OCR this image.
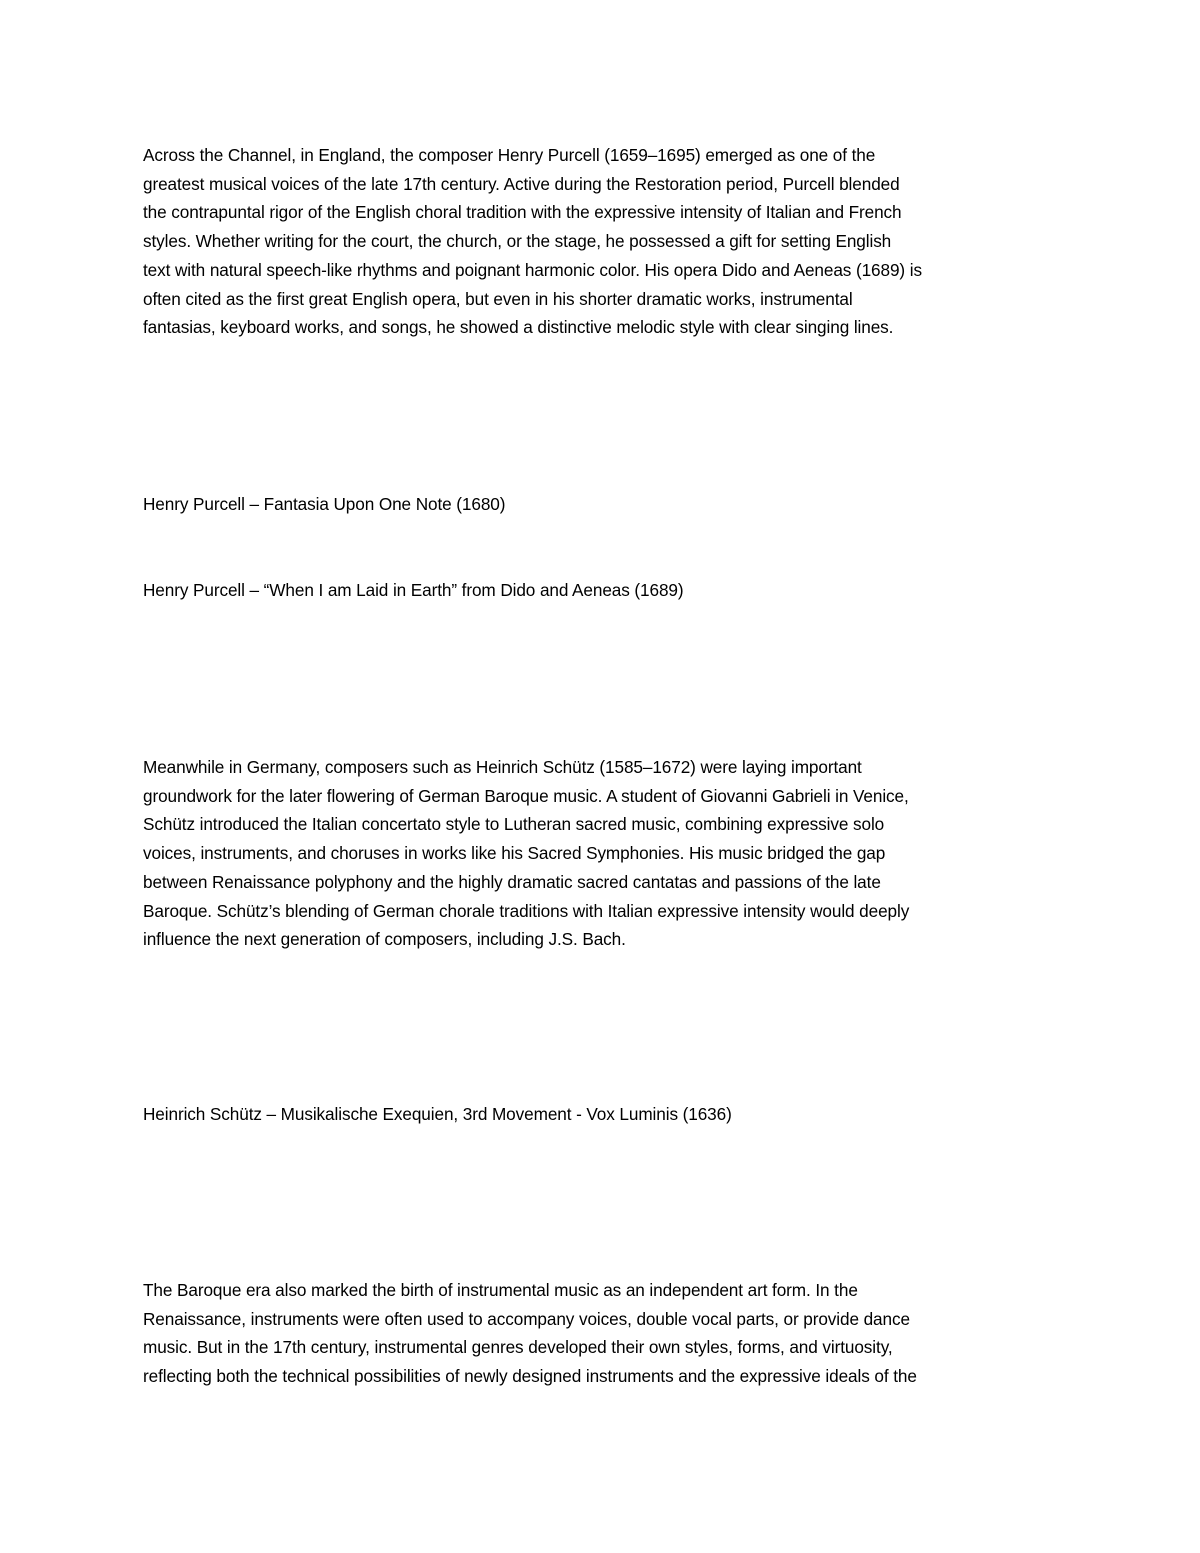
Across the Channel, in England, the composer Henry Purcell (1659–1695) emerged as one of the
greatest musical voices of the late 17th century. Active during the Restoration period, Purcell blended
the contrapuntal rigor of the English choral tradition with the expressive intensity of Italian and French
styles. Whether writing for the court, the church, or the stage, he possessed a gift for setting English
text with natural speech-like rhythms and poignant harmonic color. His opera Dido and Aeneas (1689) is
often cited as the first great English opera, but even in his shorter dramatic works, instrumental
fantasias, keyboard works, and songs, he showed a distinctive melodic style with clear singing lines.

Henry Purcell – Fantasia Upon One Note (1680)

Henry Purcell – “When I am Laid in Earth” from Dido and Aeneas (1689)

Meanwhile in Germany, composers such as Heinrich Schütz (1585–1672) were laying important
groundwork for the later flowering of German Baroque music. A student of Giovanni Gabrieli in Venice,
Schütz introduced the Italian concertato style to Lutheran sacred music, combining expressive solo
voices, instruments, and choruses in works like his Sacred Symphonies. His music bridged the gap
between Renaissance polyphony and the highly dramatic sacred cantatas and passions of the late
Baroque. Schütz’s blending of German chorale traditions with Italian expressive intensity would deeply
influence the next generation of composers, including J.S. Bach.

Heinrich Schütz – Musikalische Exequien, 3rd Movement - Vox Luminis (1636)

The Baroque era also marked the birth of instrumental music as an independent art form. In the
Renaissance, instruments were often used to accompany voices, double vocal parts, or provide dance
music. But in the 17th century, instrumental genres developed their own styles, forms, and virtuosity,
reflecting both the technical possibilities of newly designed instruments and the expressive ideals of the
